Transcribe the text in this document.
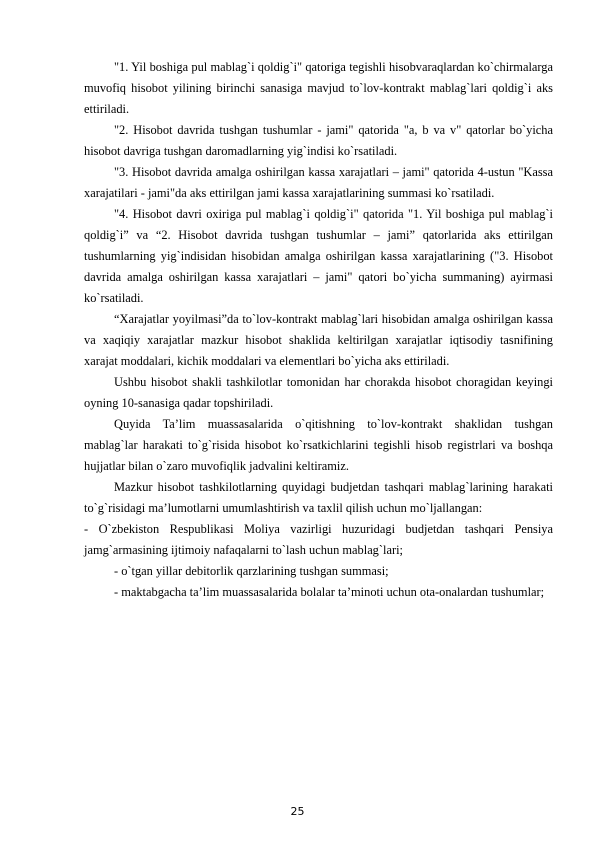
"1. Yil boshiga pul mablag`i qoldig`i" qatoriga tegishli hisobvaraqlardan ko`chirmalarga muvofiq hisobot yilining birinchi sanasiga mavjud to`lov-kontrakt mablag`lari qoldig`i aks ettiriladi.

"2. Hisobot davrida tushgan tushumlar - jami" qatorida "a, b va v" qatorlar bo`yicha hisobot davriga tushgan daromadlarning yig`indisi ko`rsatiladi.

"3. Hisobot davrida amalga oshirilgan kassa xarajatlari – jami" qatorida 4-ustun "Kassa xarajatilari - jami"da aks ettirilgan jami kassa xarajatlarining summasi ko`rsatiladi.

"4. Hisobot davri oxiriga pul mablag`i qoldig`i" qatorida "1. Yil boshiga pul mablag`i qoldig`i” va “2. Hisobot davrida tushgan tushumlar – jami” qatorlarida aks ettirilgan tushumlarning yig`indisidan hisobidan amalga oshirilgan kassa xarajatlarining ("3. Hisobot davrida amalga oshirilgan kassa xarajatlari – jami" qatori bo`yicha summaning) ayirmasi ko`rsatiladi.

“Xarajatlar yoyilmasi”da to`lov-kontrakt mablag`lari hisobidan amalga oshirilgan kassa va xaqiqiy xarajatlar mazkur hisobot shaklida keltirilgan xarajatlar iqtisodiy tasnifining xarajat moddalari, kichik moddalari va elementlari bo`yicha aks ettiriladi.

Ushbu hisobot shakli tashkilotlar tomonidan har chorakda hisobot choragidan keyingi oyning 10-sanasiga qadar topshiriladi.

Quyida Ta’lim muassasalarida o`qitishning to`lov-kontrakt shaklidan tushgan mablag`lar harakati to`g`risida hisobot ko`rsatkichlarini tegishli hisob registrlari va boshqa hujjatlar bilan o`zaro muvofiqlik jadvalini keltiramiz.

Mazkur hisobot tashkilotlarning quyidagi budjetdan tashqari mablag`larining harakati to`g`risidagi ma’lumotlarni umumlashtirish va taxlil qilish uchun mo`ljallangan:

- O`zbekiston Respublikasi Moliya vazirligi huzuridagi budjetdan tashqari Pensiya jamg`armasining ijtimoiy nafaqalarni to`lash uchun mablag`lari;

- o`tgan yillar debitorlik qarzlarining tushgan summasi;

- maktabgacha ta’lim muassasalarida bolalar ta’minoti uchun ota-onalardan tushumlar;

25
